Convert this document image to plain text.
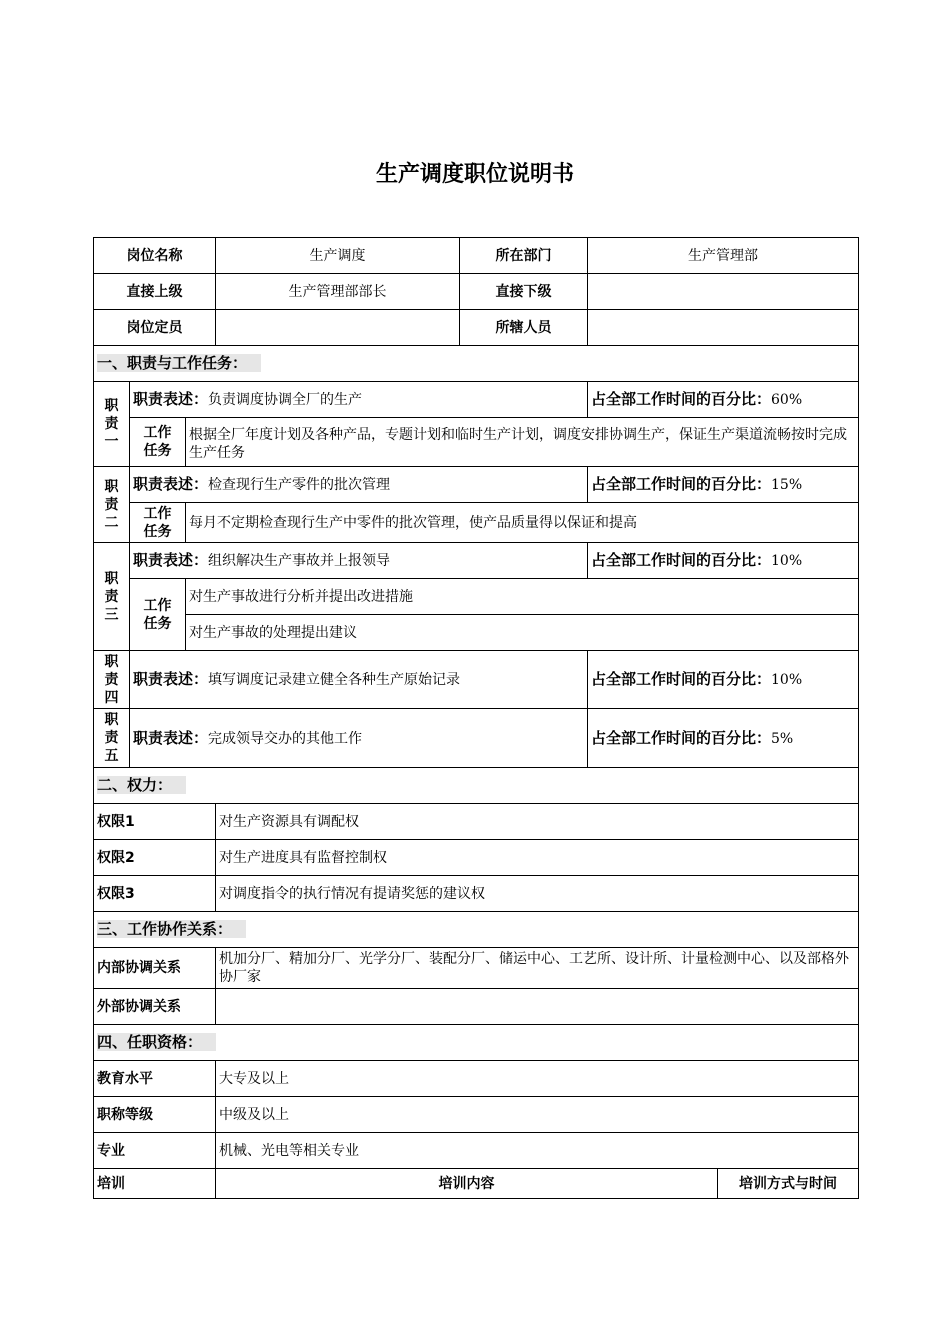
生产调度职位说明书
岗位名称			生产调度	所在部门	生产管理部	
直接上级			生产管理部部长	直接下级		
岗位定员				所辖人员		
一、职责与工作任务：						
职
责
一	职责表述：负责调度协调全厂的生产				占全部工作时间的百分比：60%	
	工作
任务	根据全厂年度计划及各种产品，专题计划和临时生产计划，调度安排协调生产，保证生产渠道流畅按时完成生产任务				
职
责
二	职责表述：检查现行生产零件的批次管理				占全部工作时间的百分比：15%	
	工作
任务	每月不定期检查现行生产中零件的批次管理，使产品质量得以保证和提高				
职
责
三	职责表述：组织解决生产事故并上报领导				占全部工作时间的百分比：10%	
	工作
任务	对生产事故进行分析并提出改进措施				
		对生产事故的处理提出建议				
职
责
四	职责表述：填写调度记录建立健全各种生产原始记录				占全部工作时间的百分比：10%	
职
责
五	职责表述：完成领导交办的其他工作				占全部工作时间的百分比：5%	
二、权力：						
权限1			对生产资源具有调配权			
权限2			对生产进度具有监督控制权			
权限3			对调度指令的执行情况有提请奖惩的建议权			
三、工作协作关系：						
内部协调关系			机加分厂、精加分厂、光学分厂、装配分厂、储运中心、工艺所、设计所、计量检测中心、以及部格外协厂家			
外部协调关系						
四、任职资格：						
教育水平			大专及以上			
职称等级			中级及以上			
专业			机械、光电等相关专业			
培训			培训内容			培训方式与时间
